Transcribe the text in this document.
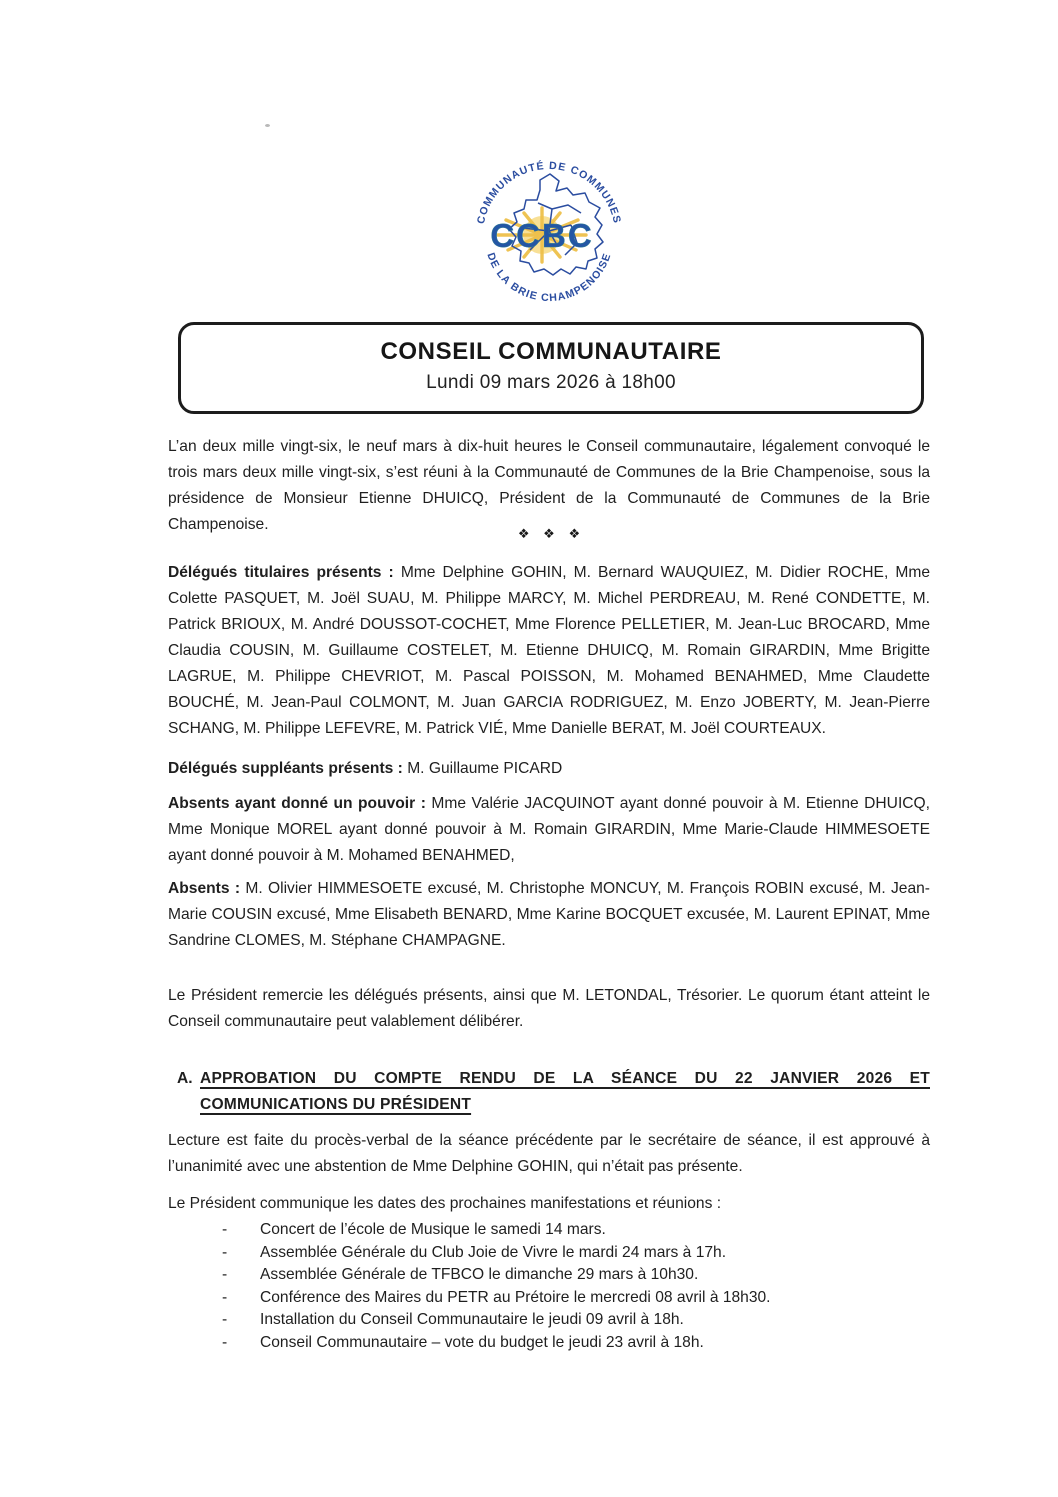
CCBC
COMMUNAUTÉ DE COMMUNES
DE LA BRIE CHAMPENOISE
CONSEIL COMMUNAUTAIRE
Lundi 09 mars 2026 à 18h00

L’an deux mille vingt-six, le neuf mars à dix-huit heures le Conseil communautaire, légalement convoqué le trois mars deux mille vingt-six, s’est réuni à la Communauté de Communes de la Brie Champenoise, sous la présidence de Monsieur Etienne DHUICQ, Président de la Communauté de Communes de la Brie Champenoise.

❖ ❖ ❖

Délégués titulaires présents : Mme Delphine GOHIN, M. Bernard WAUQUIEZ, M. Didier ROCHE, Mme Colette PASQUET, M. Joël SUAU, M. Philippe MARCY, M. Michel PERDREAU, M. René CONDETTE, M. Patrick BRIOUX, M. André DOUSSOT-COCHET, Mme Florence PELLETIER, M. Jean-Luc BROCARD, Mme Claudia COUSIN, M. Guillaume COSTELET, M. Etienne DHUICQ, M. Romain GIRARDIN, Mme Brigitte LAGRUE, M. Philippe CHEVRIOT, M. Pascal POISSON, M. Mohamed BENAHMED, Mme Claudette BOUCHÉ, M. Jean-Paul COLMONT, M. Juan GARCIA RODRIGUEZ, M. Enzo JOBERTY, M. Jean-Pierre SCHANG, M. Philippe LEFEVRE, M. Patrick VIÉ, Mme Danielle BERAT, M. Joël COURTEAUX.

Délégués suppléants présents : M. Guillaume PICARD

Absents ayant donné un pouvoir : Mme Valérie JACQUINOT ayant donné pouvoir à M. Etienne DHUICQ, Mme Monique MOREL ayant donné pouvoir à M. Romain GIRARDIN, Mme Marie-Claude HIMMESOETE ayant donné pouvoir à M. Mohamed BENAHMED,

Absents : M. Olivier HIMMESOETE excusé, M. Christophe MONCUY, M. François ROBIN excusé, M. Jean-Marie COUSIN excusé, Mme Elisabeth BENARD, Mme Karine BOCQUET excusée, M. Laurent EPINAT, Mme Sandrine CLOMES, M. Stéphane CHAMPAGNE.

Le Président remercie les délégués présents, ainsi que M. LETONDAL, Trésorier. Le quorum étant atteint le Conseil communautaire peut valablement délibérer.

A. APPROBATION DU COMPTE RENDU DE LA SÉANCE DU 22 JANVIER 2026 ET COMMUNICATIONS DU PRÉSIDENT

Lecture est faite du procès-verbal de la séance précédente par le secrétaire de séance, il est approuvé à l’unanimité avec une abstention de Mme Delphine GOHIN, qui n’était pas présente.

Le Président communique les dates des prochaines manifestations et réunions :

- Concert de l’école de Musique le samedi 14 mars.
- Assemblée Générale du Club Joie de Vivre le mardi 24 mars à 17h.
- Assemblée Générale de TFBCO le dimanche 29 mars à 10h30.
- Conférence des Maires du PETR au Prétoire le mercredi 08 avril à 18h30.
- Installation du Conseil Communautaire le jeudi 09 avril à 18h.
- Conseil Communautaire – vote du budget le jeudi 23 avril à 18h.
